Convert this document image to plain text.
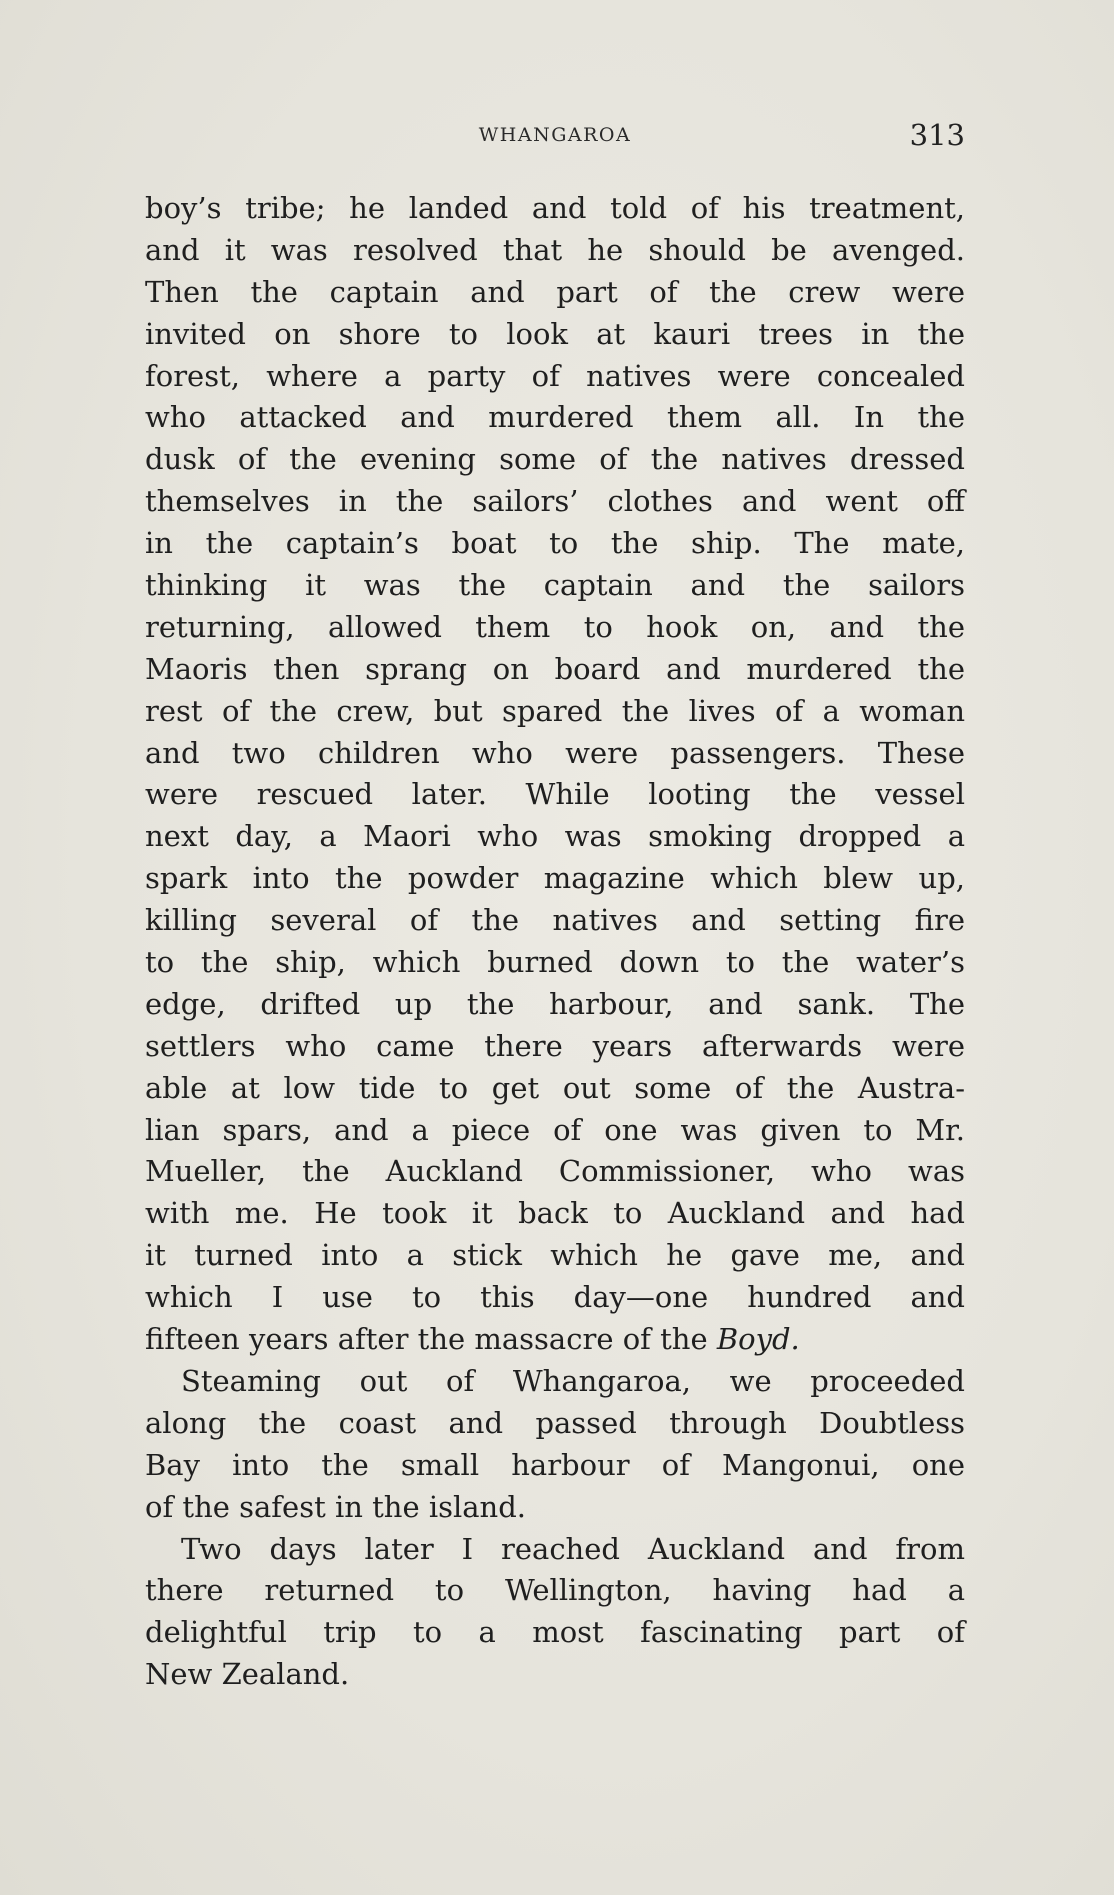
WHANGAROA	313
boy’s tribe; he landed and told of his treatment,
and it was resolved that he should be avenged.
Then the captain and part of the crew were
invited on shore to look at kauri trees in the
forest, where a party of natives were concealed
who attacked and murdered them all. In the
dusk of the evening some of the natives dressed
themselves in the sailors’ clothes and went off
in the captain’s boat to the ship. The mate,
thinking it was the captain and the sailors
returning, allowed them to hook on, and the
Maoris then sprang on board and murdered the
rest of the crew, but spared the lives of a woman
and two children who were passengers. These
were rescued later. While looting the vessel
next day, a Maori who was smoking dropped a
spark into the powder magazine which blew up,
killing several of the natives and setting fire
to the ship, which burned down to the water’s
edge, drifted up the harbour, and sank. The
settlers who came there years afterwards were
able at low tide to get out some of the Austra-
lian spars, and a piece of one was given to Mr.
Mueller, the Auckland Commissioner, who was
with me. He took it back to Auckland and had
it turned into a stick which he gave me, and
which I use to this day—one hundred and
fifteen years after the massacre of the Boyd.
Steaming out of Whangaroa, we proceeded
along the coast and passed through Doubtless
Bay into the small harbour of Mangonui, one
of the safest in the island.
Two days later I reached Auckland and from
there returned to Wellington, having had a
delightful trip to a most fascinating part of
New Zealand.
